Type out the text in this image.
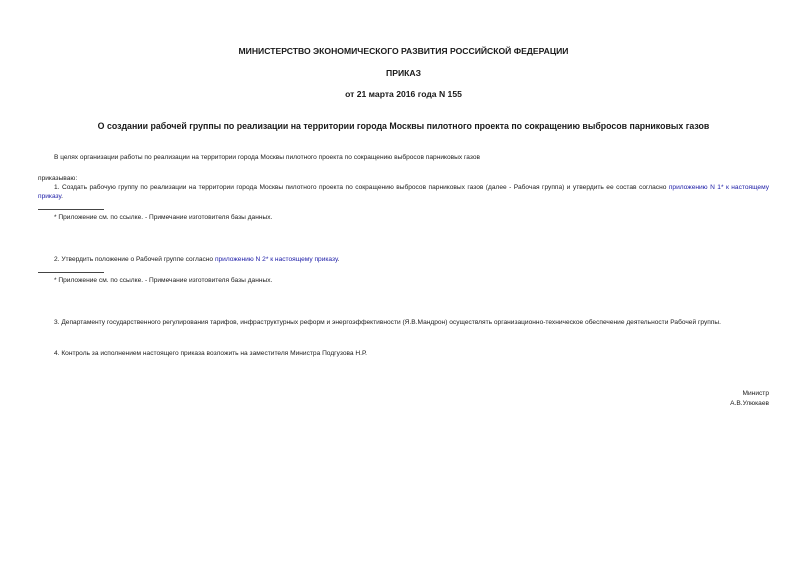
МИНИСТЕРСТВО ЭКОНОМИЧЕСКОГО РАЗВИТИЯ РОССИЙСКОЙ ФЕДЕРАЦИИ
ПРИКАЗ
от 21 марта 2016 года N 155
О создании рабочей группы по реализации на территории города Москвы пилотного проекта по сокращению выбросов парниковых газов
В целях организации работы по реализации на территории города Москвы пилотного проекта по сокращению выбросов парниковых газов
приказываю:
1. Создать рабочую группу по реализации на территории города Москвы пилотного проекта по сокращению выбросов парниковых газов (далее - Рабочая группа) и утвердить ее состав согласно приложению N 1* к настоящему приказу.
* Приложение см. по ссылке. - Примечание изготовителя базы данных.
2. Утвердить положение о Рабочей группе согласно приложению N 2* к настоящему приказу.
* Приложение см. по ссылке. - Примечание изготовителя базы данных.
3. Департаменту государственного регулирования тарифов, инфраструктурных реформ и энергоэффективности (Я.В.Мандрон) осуществлять организационно-техническое обеспечение деятельности Рабочей группы.
4. Контроль за исполнением настоящего приказа возложить на заместителя Министра Подгузова Н.Р.
Министр
А.В.Улюкаев
